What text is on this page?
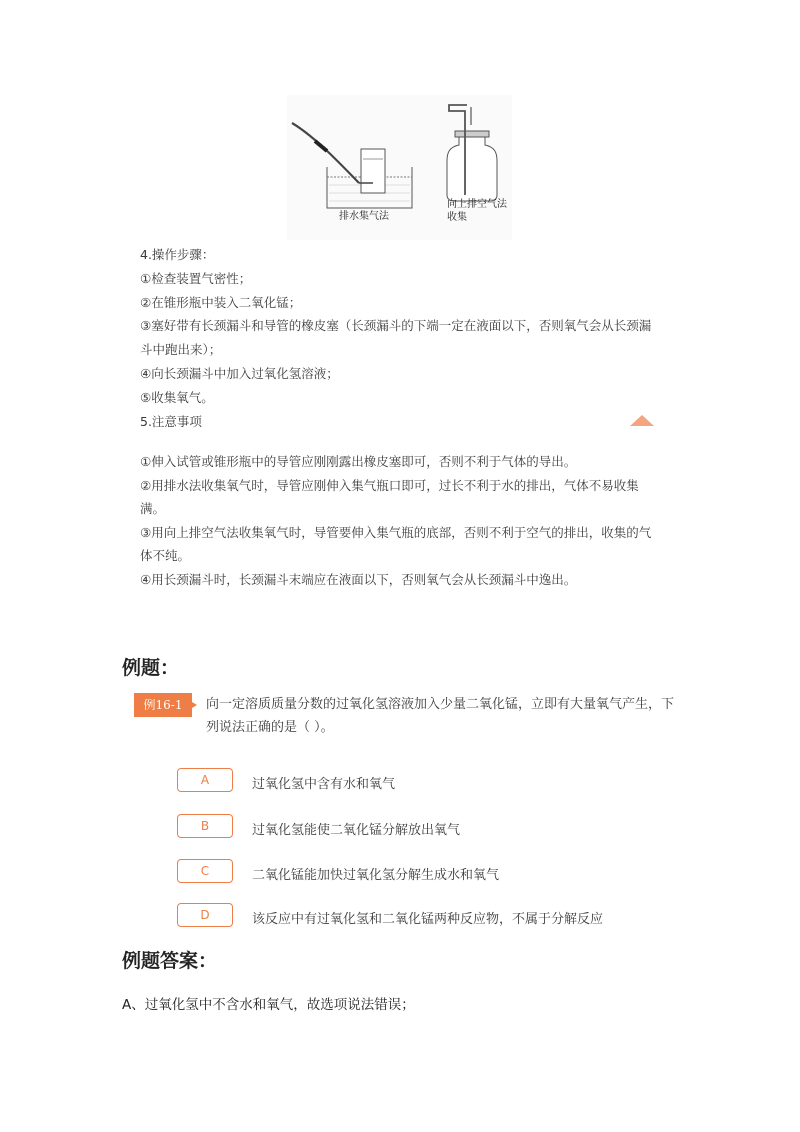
排水集气法
向上排空气法
收集
4.操作步骤：
①检查装置气密性；
②在锥形瓶中装入二氧化锰；
③塞好带有长颈漏斗和导管的橡皮塞（长颈漏斗的下端一定在液面以下，否则氧气会从长颈漏斗中跑出来）；
④向长颈漏斗中加入过氧化氢溶液；
⑤收集氧气。
5.注意事项
①伸入试管或锥形瓶中的导管应刚刚露出橡皮塞即可，否则不利于气体的导出。
②用排水法收集氧气时，导管应刚伸入集气瓶口即可，过长不利于水的排出，气体不易收集满。
③用向上排空气法收集氧气时，导管要伸入集气瓶的底部，否则不利于空气的排出，收集的气体不纯。
④用长颈漏斗时，长颈漏斗末端应在液面以下，否则氧气会从长颈漏斗中逸出。
例题：
例16-1	向一定溶质质量分数的过氧化氢溶液加入少量二氧化锰，立即有大量氧气产生，下列说法正确的是（ ）。
A	过氧化氢中含有水和氧气
B	过氧化氢能使二氧化锰分解放出氧气
C	二氧化锰能加快过氧化氢分解生成水和氧气
D	该反应中有过氧化氢和二氧化锰两种反应物，不属于分解反应
例题答案：
A、过氧化氢中不含水和氧气，故选项说法错误；
